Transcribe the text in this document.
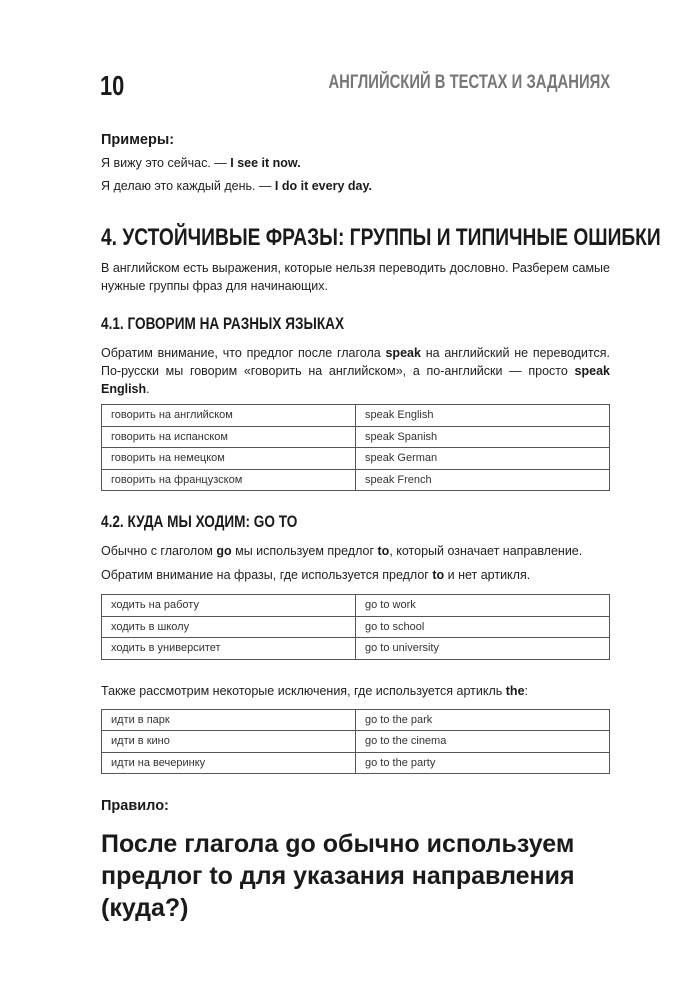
10	АНГЛИЙСКИЙ В ТЕСТАХ И ЗАДАНИЯХ
Примеры:
Я вижу это сейчас. — I see it now.
Я делаю это каждый день. — I do it every day.
4. УСТОЙЧИВЫЕ ФРАЗЫ: ГРУППЫ И ТИПИЧНЫЕ ОШИБКИ
В английском есть выражения, которые нельзя переводить дословно. Разберем самые нужные группы фраз для начинающих.
4.1. ГОВОРИМ НА РАЗНЫХ ЯЗЫКАХ
Обратим внимание, что предлог после глагола speak на английский не переводится. По-русски мы говорим «говорить на английском», а по-английски — просто speak English.
говорить на английском	speak English
говорить на испанском	speak Spanish
говорить на немецком	speak German
говорить на французском	speak French
4.2. КУДА МЫ ХОДИМ: GO TO
Обычно с глаголом go мы используем предлог to, который означает направление.
Обратим внимание на фразы, где используется предлог to и нет артикля.
ходить на работу	go to work
ходить в школу	go to school
ходить в университет	go to university
Также рассмотрим некоторые исключения, где используется артикль the:
идти в парк	go to the park
идти в кино	go to the cinema
идти на вечеринку	go to the party
Правило:
После глагола go обычно используем предлог to для указания направления (куда?)
